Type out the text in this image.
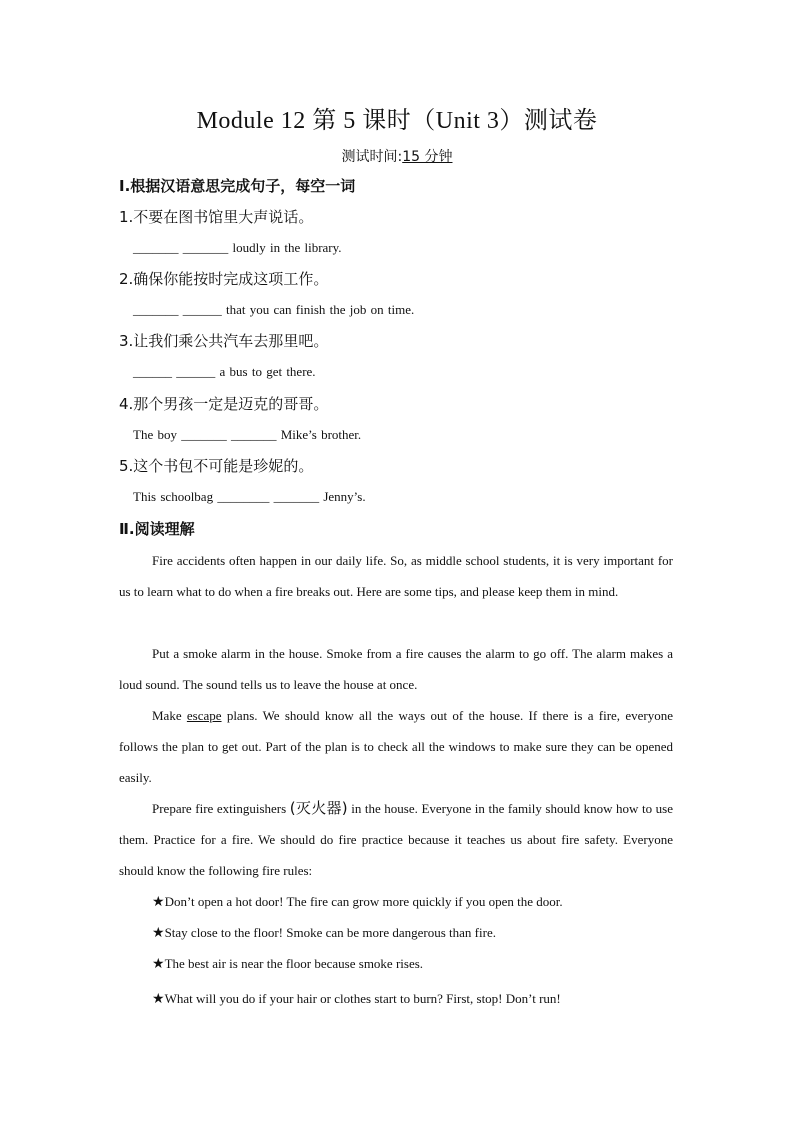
Module 12 第 5 课时（Unit 3）测试卷
测试时间:15 分钟
Ⅰ.根据汉语意思完成句子，每空一词
1.不要在图书馆里大声说话。
_______ _______ loudly in the library.
2.确保你能按时完成这项工作。
_______ ______ that you can finish the job on time.
3.让我们乘公共汽车去那里吧。
______ ______ a bus to get there.
4.那个男孩一定是迈克的哥哥。
The boy _______ _______ Mike’s brother.
5.这个书包不可能是珍妮的。
This schoolbag ________ _______ Jenny’s.
Ⅱ.阅读理解
Fire accidents often happen in our daily life. So, as middle school students, it is very important for us to learn what to do when a fire breaks out. Here are some tips, and please keep them in mind.
Put a smoke alarm in the house. Smoke from a fire causes the alarm to go off. The alarm makes a loud sound. The sound tells us to leave the house at once.
Make escape plans. We should know all the ways out of the house. If there is a fire, everyone follows the plan to get out. Part of the plan is to check all the windows to make sure they can be opened easily.
Prepare fire extinguishers (灭火器) in the house. Everyone in the family should know how to use them. Practice for a fire. We should do fire practice because it teaches us about fire safety. Everyone should know the following fire rules:
★Don’t open a hot door! The fire can grow more quickly if you open the door.
★Stay close to the floor! Smoke can be more dangerous than fire.
★The best air is near the floor because smoke rises.
★What will you do if your hair or clothes start to burn? First, stop! Don’t run!
